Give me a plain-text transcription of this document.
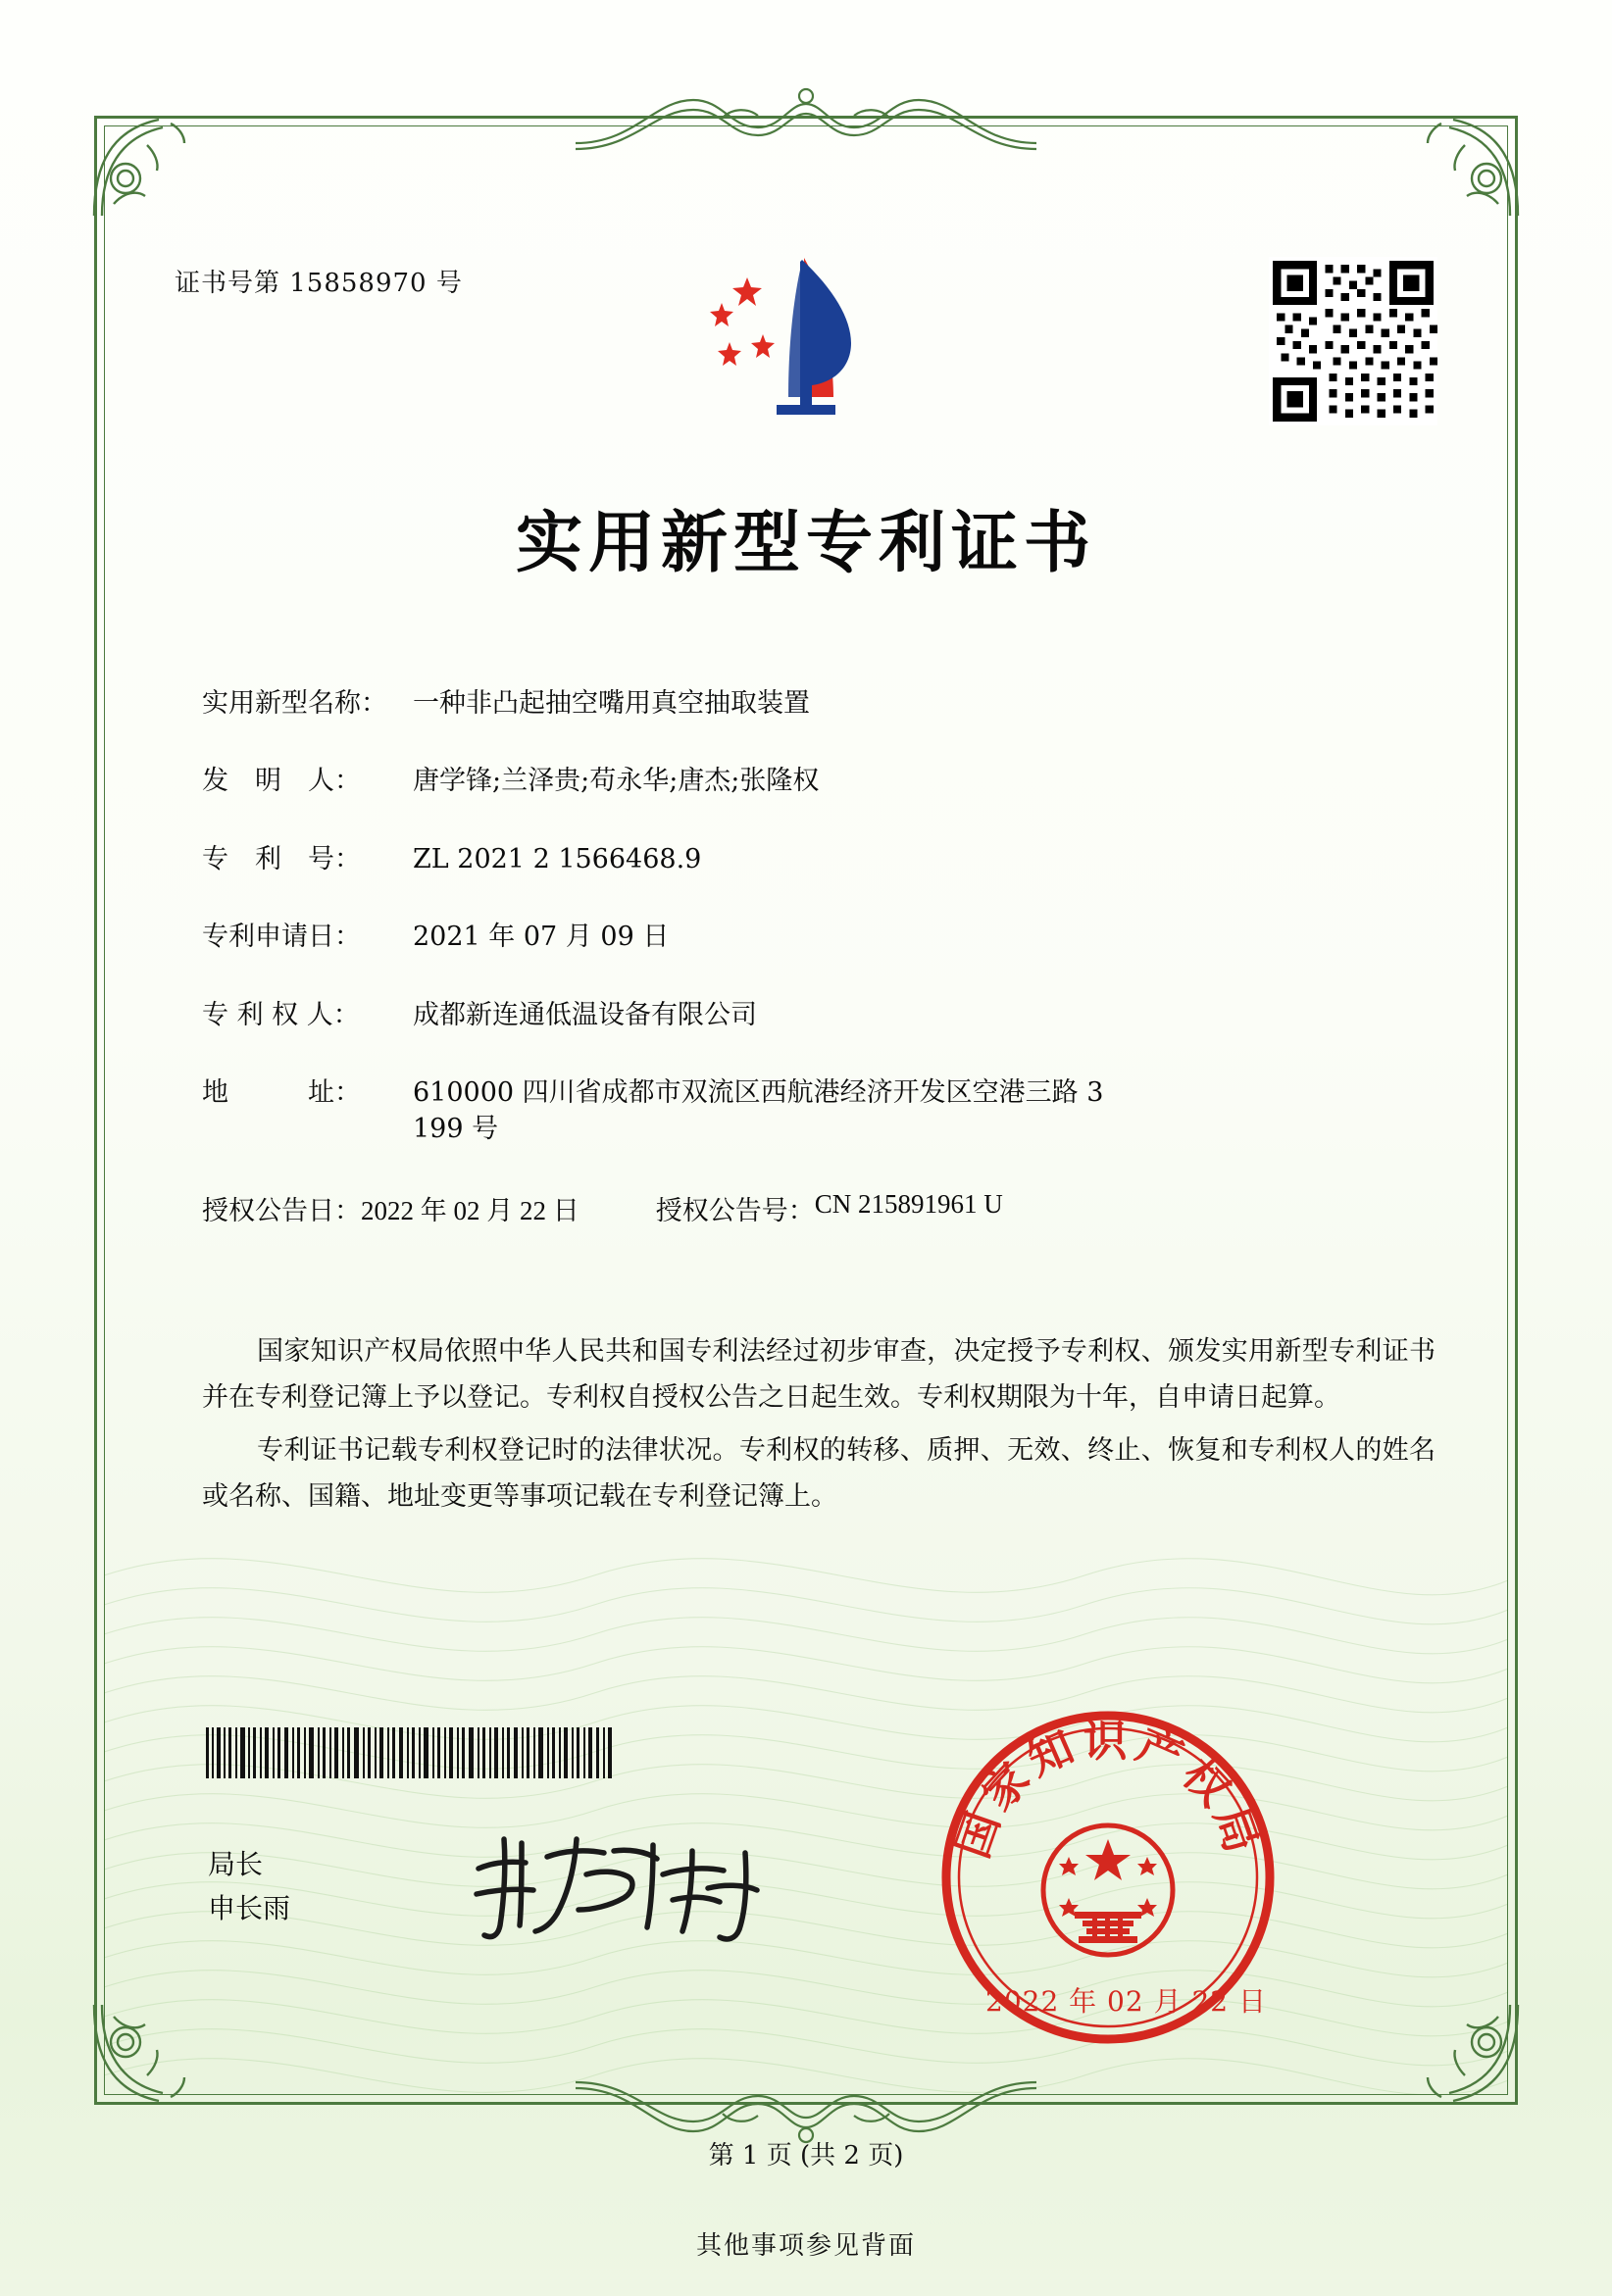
证书号第 15858970 号
实用新型专利证书
实用新型名称： 一种非凸起抽空嘴用真空抽取装置
发　明　人：	唐学锋;兰泽贵;苟永华;唐杰;张隆权
专　利　号：	ZL 2021 2 1566468.9
专利申请日：	2021 年 07 月 09 日
专 利 权 人：	成都新连通低温设备有限公司
地　　　址：	610000 四川省成都市双流区西航港经济开发区空港三路 3
199 号
授权公告日： 2022 年 02 月 22 日	授权公告号： CN 215891961 U

国家知识产权局依照中华人民共和国专利法经过初步审查，决定授予专利权、颁发实用新型专利证书并在专利登记簿上予以登记。专利权自授权公告之日起生效。专利权期限为十年，自申请日起算。

专利证书记载专利权登记时的法律状况。专利权的转移、质押、无效、终止、恢复和专利权人的姓名或名称、国籍、地址变更等事项记载在专利登记簿上。

局长
申长雨
国家知识产权局
2022 年 02 月 22 日
第 1 页 (共 2 页)
其他事项参见背面
